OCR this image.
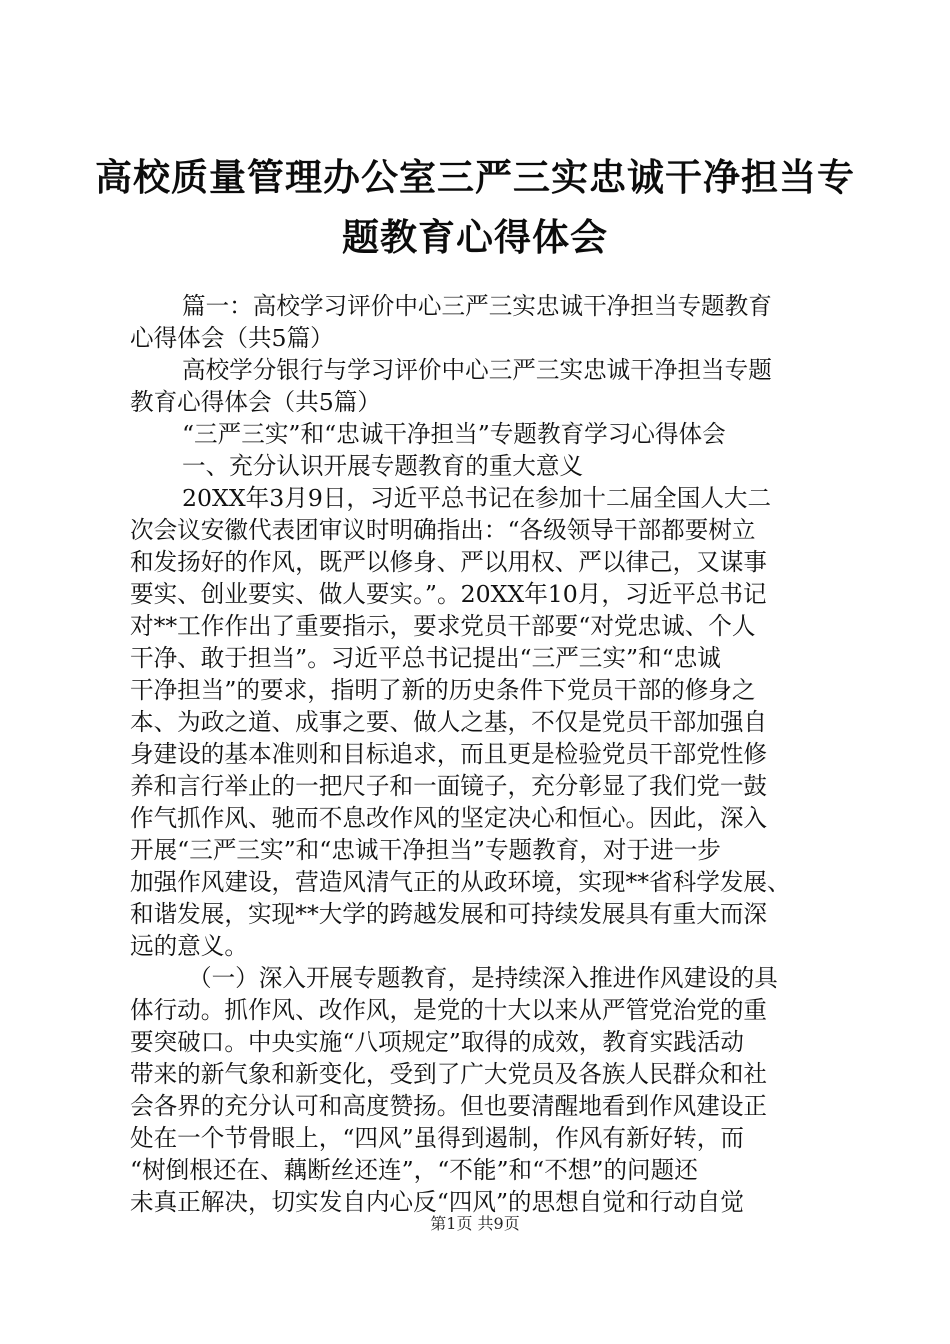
高校质量管理办公室三严三实忠诚干净担当专
题教育心得体会
篇一：高校学习评价中心三严三实忠诚干净担当专题教育
心得体会（共5篇）
高校学分银行与学习评价中心三严三实忠诚干净担当专题
教育心得体会（共5篇）
“三严三实”和“忠诚干净担当”专题教育学习心得体会
一、充分认识开展专题教育的重大意义
20XX年3月9日，习近平总书记在参加十二届全国人大二
次会议安徽代表团审议时明确指出：“各级领导干部都要树立
和发扬好的作风，既严以修身、严以用权、严以律己，又谋事
要实、创业要实、做人要实。”。20XX年10月，习近平总书记
对**工作作出了重要指示，要求党员干部要“对党忠诚、个人
干净、敢于担当”。习近平总书记提出“三严三实”和“忠诚
干净担当”的要求，指明了新的历史条件下党员干部的修身之
本、为政之道、成事之要、做人之基，不仅是党员干部加强自
身建设的基本准则和目标追求，而且更是检验党员干部党性修
养和言行举止的一把尺子和一面镜子，充分彰显了我们党一鼓
作气抓作风、驰而不息改作风的坚定决心和恒心。因此，深入
开展“三严三实”和“忠诚干净担当”专题教育，对于进一步
加强作风建设，营造风清气正的从政环境，实现**省科学发展、
和谐发展，实现**大学的跨越发展和可持续发展具有重大而深
远的意义。
（一）深入开展专题教育，是持续深入推进作风建设的具
体行动。抓作风、改作风，是党的十大以来从严管党治党的重
要突破口。中央实施“八项规定”取得的成效，教育实践活动
带来的新气象和新变化，受到了广大党员及各族人民群众和社
会各界的充分认可和高度赞扬。但也要清醒地看到作风建设正
处在一个节骨眼上，“四风”虽得到遏制，作风有新好转，而
“树倒根还在、藕断丝还连”，“不能”和“不想”的问题还
未真正解决，切实发自内心反“四风”的思想自觉和行动自觉
第1页 共9页
